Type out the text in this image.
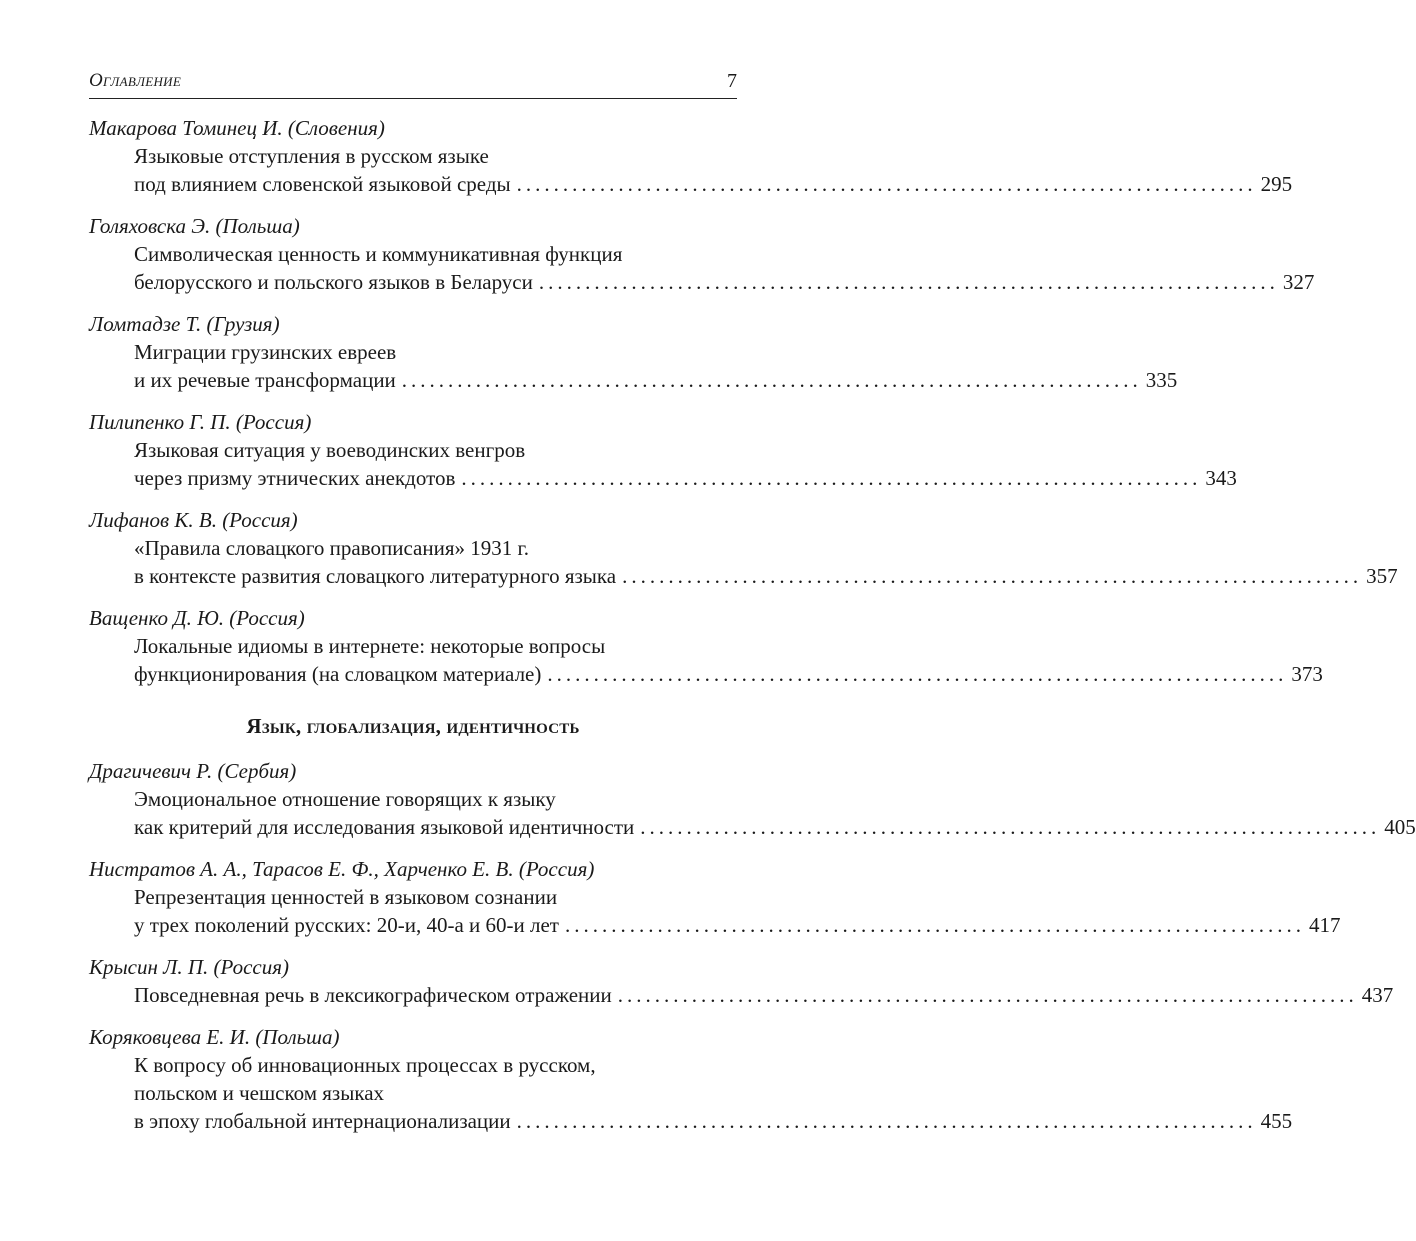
Оглавление	7
Макарова Томинец И. (Словения)
Языковые отступления в русском языке
под влиянием словенской языковой среды ................................................................................ 295
Голяховска Э. (Польша)
Символическая ценность и коммуникативная функция
белорусского и польского языков в Беларуси ................................................................................ 327
Ломтадзе Т. (Грузия)
Миграции грузинских евреев
и их речевые трансформации ................................................................................ 335
Пилипенко Г. П. (Россия)
Языковая ситуация у воеводинских венгров
через призму этнических анекдотов ................................................................................ 343
Лифанов К. В. (Россия)
«Правила словацкого правописания» 1931 г.
в контексте развития словацкого литературного языка ................................................................................ 357
Ващенко Д. Ю. (Россия)
Локальные идиомы в интернете: некоторые вопросы
функционирования (на словацком материале) ................................................................................ 373
Язык, глобализация, идентичность
Драгичевич Р. (Сербия)
Эмоциональное отношение говорящих к языку
как критерий для исследования языковой идентичности ................................................................................ 405
Нистратов А. А., Тарасов Е. Ф., Харченко Е. В. (Россия)
Репрезентация ценностей в языковом сознании
у трех поколений русских: 20-и, 40-а и 60-и лет ................................................................................ 417
Крысин Л. П. (Россия)
Повседневная речь в лексикографическом отражении ................................................................................ 437
Коряковцева Е. И. (Польша)
К вопросу об инновационных процессах в русском,
польском и чешском языках
в эпоху глобальной интернационализации ................................................................................ 455
